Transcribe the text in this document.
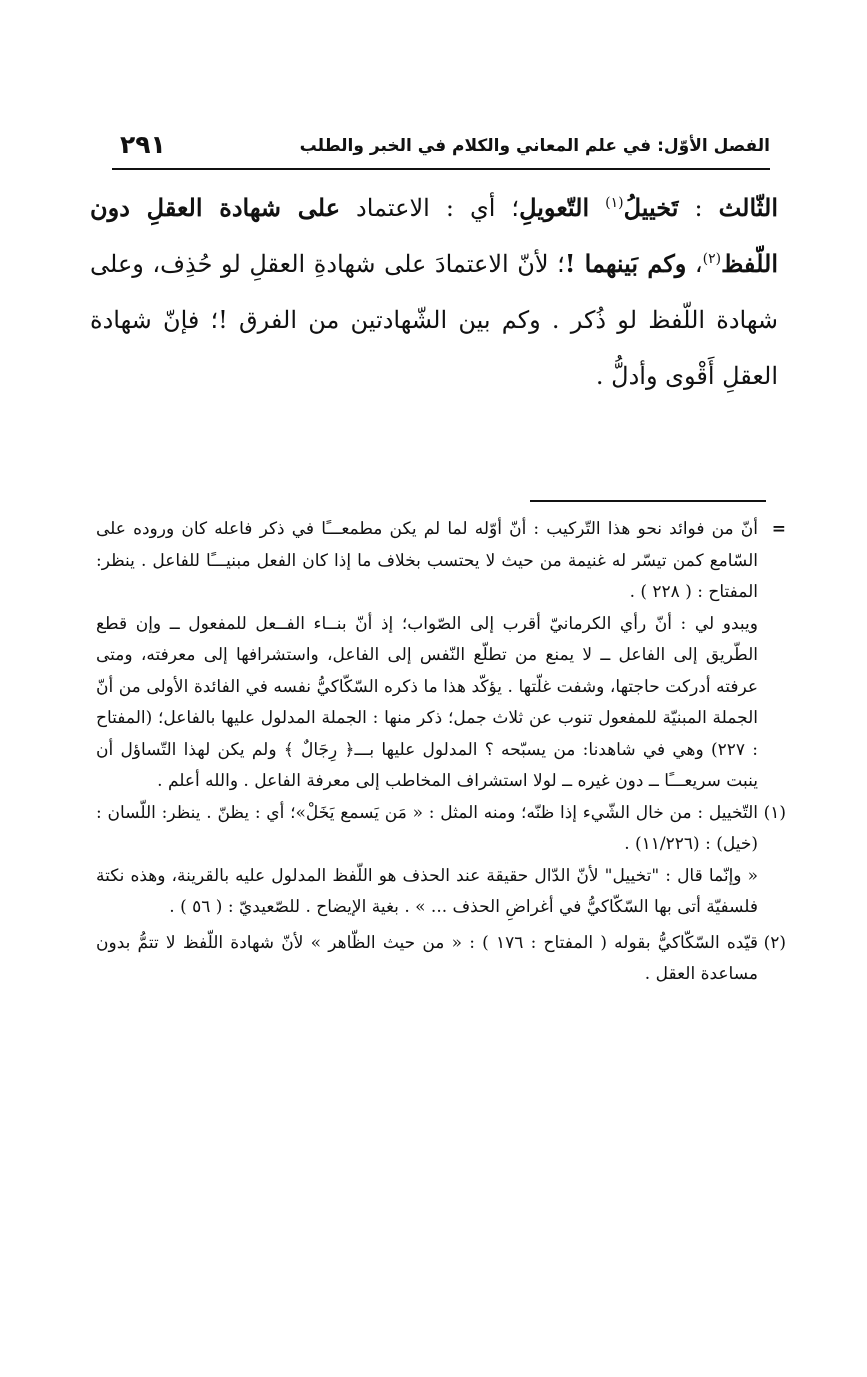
الفصل الأوّل: في علم المعاني والكلام في الخبر والطلب
٢٩١

الثّالث : تَخييلُ$^{(١)}$ التّعويلِ؛ أي : الاعتماد على شهادة العقلِ دون اللّفظ$^{(٢)}$، وكم بَينهما !؛ لأنّ الاعتمادَ على شهادةِ العقلِ لو حُذِف، وعلى شهادة اللّفظ لو ذُكر . وكم بين الشّهادتين من الفرق !؛ فإنّ شهادة العقلِ أَقْوى وأدلُّ .

=
أنّ من فوائد نحو هذا التّركيب : أنّ أوّله لما لم يكن مطمعـــًا في ذكر فاعله كان وروده على السّامع كمن تيسّر له غنيمة من حيث لا يحتسب بخلاف ما إذا كان الفعل مبنيـــًا للفاعل . ينظر: المفتاح : ( ٢٢٨ ) .

ويبدو لي : أنّ رأي الكرمانيّ أقرب إلى الصّواب؛ إذ أنّ بنــاء الفــعل للمفعول ــ وإن قطع الطّريق إلى الفاعل ــ لا يمنع من تطلّع النّفس إلى الفاعل، واستشرافها إلى معرفته، ومتى عرفته أدركت حاجتها، وشفت غلّتها . يؤكّد هذا ما ذكره السّكّاكيُّ نفسه في الفائدة الأولى من أنّ الجملة المبنيّة للمفعول تنوب عن ثلاث جمل؛ ذكر منها : الجملة المدلول عليها بالفاعل؛ (المفتاح : ٢٢٧) وهي في شاهدنا: من يسبّحه ؟ المدلول عليها بـــ﴿ رِجَالٌ ﴾ ولم يكن لهذا التّساؤل أن ينبت سريعـــًا ــ دون غيره ــ لولا استشراف المخاطب إلى معرفة الفاعل . والله أعلم .

(١)
التّخييل : من خال الشّيء إذا ظنّه؛ ومنه المثل : « مَن يَسمع يَخَلْ»؛ أي : يظنّ . ينظر: اللّسان : (خيل) : (١١/٢٢٦) .

« وإنّما قال : "تخييل" لأنّ الدّال حقيقة عند الحذف هو اللّفظ المدلول عليه بالقرينة، وهذه نكتة فلسفيّة أتى بها السّكّاكيُّ في أغراضِ الحذف ... » . بغية الإيضاح . للصّعيديّ : ( ٥٦ ) .

(٢)
قيّده السّكّاكيُّ بقوله ( المفتاح : ١٧٦ ) : « من حيث الظّاهر » لأنّ شهادة اللّفظ لا تتمُّ بدون مساعدة العقل .
